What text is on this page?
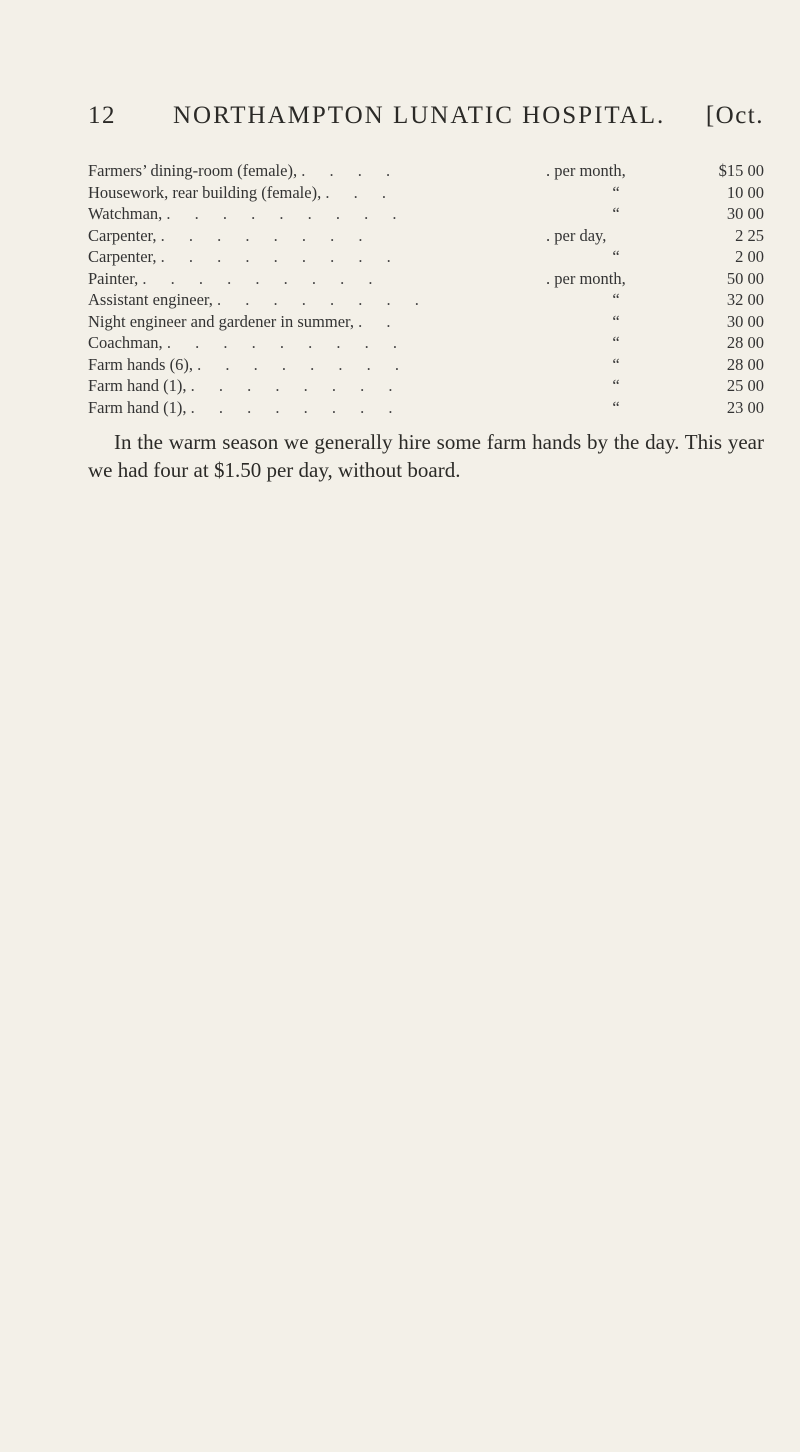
12 NORTHAMPTON LUNATIC HOSPITAL. [Oct.
Farmers’ dining-room (female), . . . .	. per month,	$15 00
Housework, rear building (female), . . .	“	10 00
Watchman, . . . . . . . . .	“	30 00
Carpenter, . . . . . . . .	. per day,	2 25
Carpenter, . . . . . . . . .	“	2 00
Painter, . . . . . . . . .	. per month,	50 00
Assistant engineer, . . . . . . . .	“	32 00
Night engineer and gardener in summer, . .	“	30 00
Coachman, . . . . . . . . .	“	28 00
Farm hands (6), . . . . . . . .	“	28 00
Farm hand (1), . . . . . . . .	“	25 00
Farm hand (1), . . . . . . . .	“	23 00

In the warm season we generally hire some farm hands by the day. This year we had four at $1.50 per day, without board.
